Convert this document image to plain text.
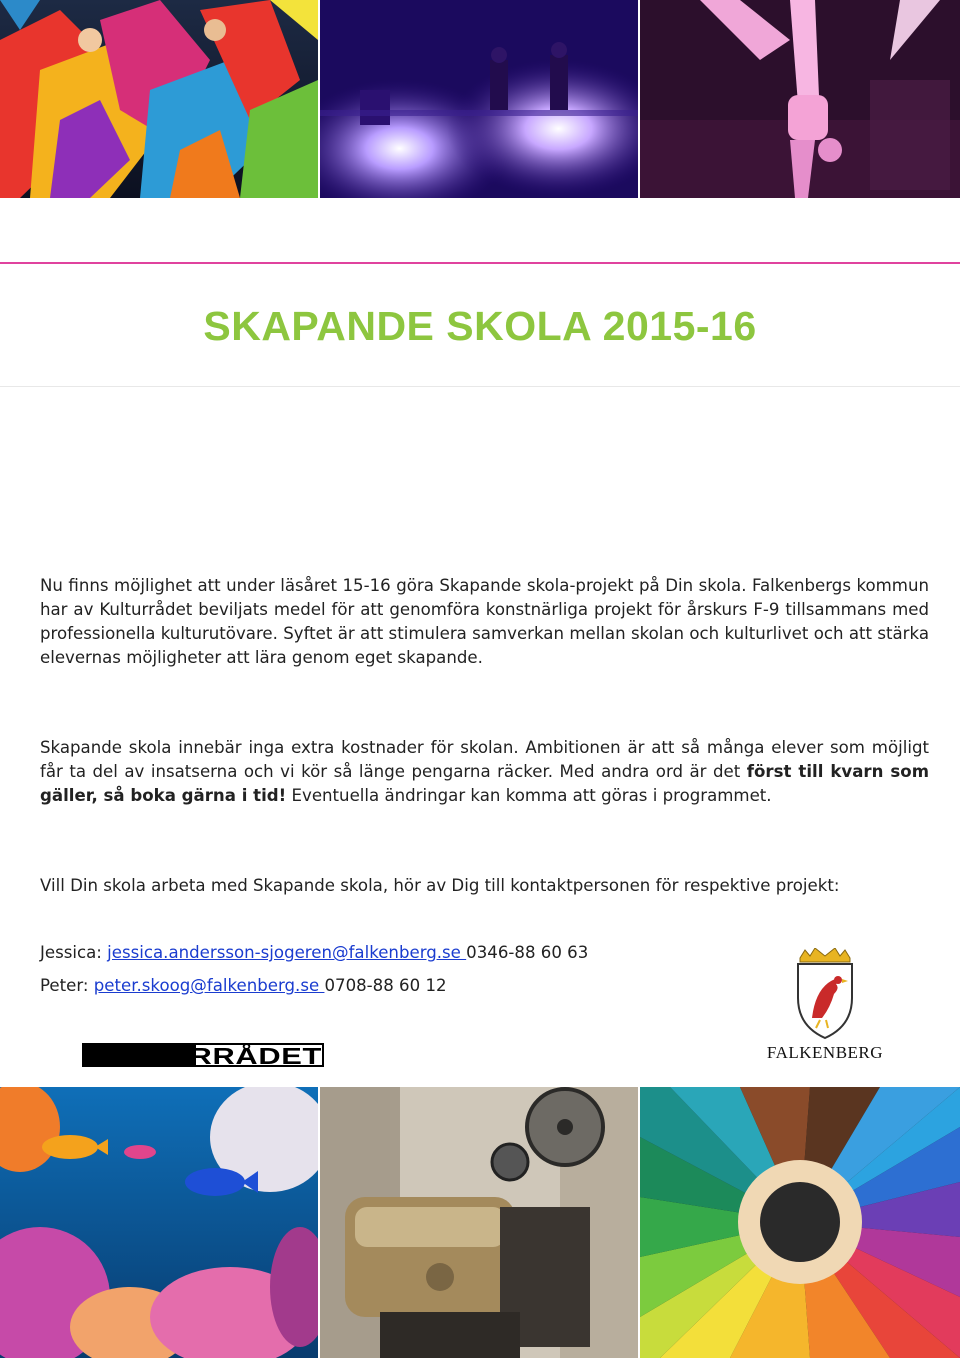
SKAPANDE SKOLA 2015-16

Nu finns möjlighet att under läsåret 15-16 göra Skapande skola-projekt på Din skola. Falkenbergs kommun har av Kulturrådet beviljats medel för att genomföra konstnärliga projekt för årskurs F-9 tillsammans med professionella kulturutövare. Syftet är att stimulera samverkan mellan skolan och kulturlivet och att stärka elevernas möjligheter att lära genom eget skapande.

Skapande skola innebär inga extra kostnader för skolan. Ambitionen är att så många elever som möjligt får ta del av insatserna och vi kör så länge pengarna räcker. Med andra ord är det först till kvarn som gäller, så boka gärna i tid! Eventuella ändringar kan komma att göras i programmet.

Vill Din skola arbeta med Skapande skola, hör av Dig till kontaktpersonen för respektive projekt:

Jessica: jessica.andersson-sjogeren@falkenberg.se 0346-88 60 63
Peter: peter.skoog@falkenberg.se 0708-88 60 12
KULTURRÅDET	FALKENBERG
